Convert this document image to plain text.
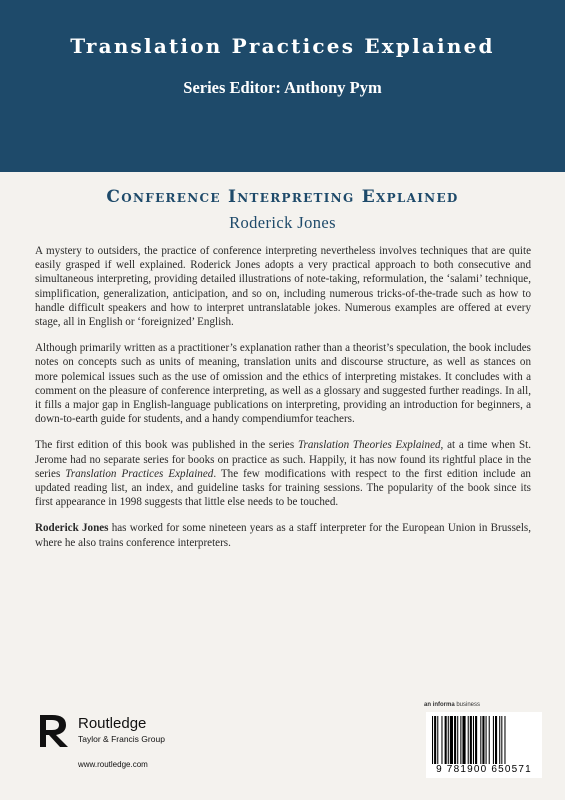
Translation Practices Explained
Series Editor: Anthony Pym
Conference Interpreting Explained
Roderick Jones

A mystery to outsiders, the practice of conference interpreting nevertheless involves techniques that are quite easily grasped if well explained. Roderick Jones adopts a very practical approach to both consecutive and simultaneous interpreting, providing detailed illustrations of note-taking, reformulation, the ‘salami’ technique, simplification, generalization, anticipation, and so on, including numerous tricks-of-the-trade such as how to handle difficult speakers and how to interpret untranslatable jokes. Numerous examples are offered at every stage, all in English or ‘foreignized’ English.

Although primarily written as a practitioner’s explanation rather than a theorist’s speculation, the book includes notes on concepts such as units of meaning, translation units and discourse structure, as well as stances on more polemical issues such as the use of omission and the ethics of interpreting mistakes. It concludes with a comment on the pleasure of conference interpreting, as well as a glossary and suggested further readings. In all, it fills a major gap in English-language publications on interpreting, providing an introduction for beginners, a down-to-earth guide for students, and a handy compendiumfor teachers.

The first edition of this book was published in the series Translation Theories Explained, at a time when St. Jerome had no separate series for books on practice as such. Happily, it has now found its rightful place in the series Translation Practices Explained. The few modifications with respect to the first edition include an updated reading list, an index, and guideline tasks for training sessions. The popularity of the book since its first appearance in 1998 suggests that little else needs to be touched.

Roderick Jones has worked for some nineteen years as a staff interpreter for the European Union in Brussels, where he also trains conference interpreters.

an informa business
Routledge
Taylor & Francis Group
www.routledge.com	9 781900 650571
